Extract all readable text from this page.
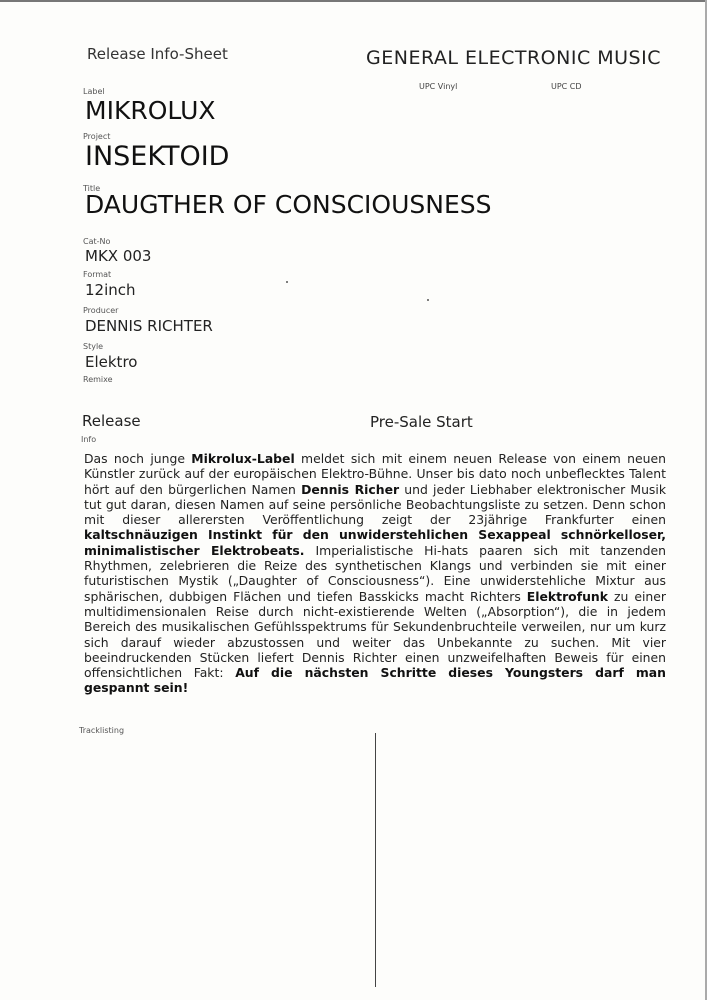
Release Info-Sheet	GENERAL ELECTRONIC MUSIC
UPC Vinyl	UPC CD
Label
MIKROLUX
Project
INSEKTOID
Title
DAUGTHER OF CONSCIOUSNESS
Cat-No
MKX 003
Format
12inch
Producer
DENNIS RICHTER
Style
Elektro
Remixe
Release	Pre-Sale Start
Info
Das noch junge Mikrolux-Label meldet sich mit einem neuen Release von einem neuen Künstler zurück auf der europäischen Elektro-Bühne. Unser bis dato noch unbeflecktes Talent hört auf den bürgerlichen Namen Dennis Richer und jeder Liebhaber elektronischer Musik tut gut daran, diesen Namen auf seine persönliche Beobachtungsliste zu setzen. Denn schon mit dieser allerersten Veröffentlichung zeigt der 23jährige Frankfurter einen kaltschnäuzigen Instinkt für den unwiderstehlichen Sexappeal schnörkelloser, minimalistischer Elektrobeats. Imperialistische Hi-hats paaren sich mit tanzenden Rhythmen, zelebrieren die Reize des synthetischen Klangs und verbinden sie mit einer futuristischen Mystik („Daughter of Consciousness“). Eine unwiderstehliche Mixtur aus sphärischen, dubbigen Flächen und tiefen Basskicks macht Richters Elektrofunk zu einer multidimensionalen Reise durch nicht-existierende Welten („Absorption“), die in jedem Bereich des musikalischen Gefühlsspektrums für Sekundenbruchteile verweilen, nur um kurz sich darauf wieder abzustossen und weiter das Unbekannte zu suchen. Mit vier beeindruckenden Stücken liefert Dennis Richter einen unzweifelhaften Beweis für einen offensichtlichen Fakt: Auf die nächsten Schritte dieses Youngsters darf man gespannt sein!
Tracklisting
